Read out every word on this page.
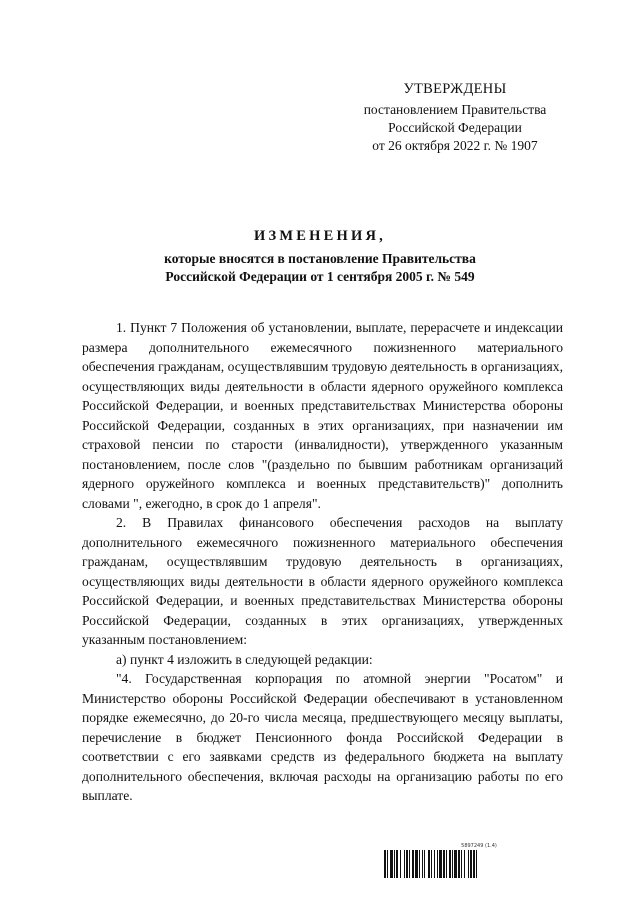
УТВЕРЖДЕНЫ
постановлением Правительства
Российской Федерации
от 26 октября 2022 г. № 1907
ИЗМЕНЕНИЯ,
которые вносятся в постановление Правительства
Российской Федерации от 1 сентября 2005 г. № 549

1. Пункт 7 Положения об установлении, выплате, перерасчете и индексации размера дополнительного ежемесячного пожизненного материального обеспечения гражданам, осуществлявшим трудовую деятельность в организациях, осуществляющих виды деятельности в области ядерного оружейного комплекса Российской Федерации, и военных представительствах Министерства обороны Российской Федерации, созданных в этих организациях, при назначении им страховой пенсии по старости (инвалидности), утвержденного указанным постановлением, после слов "(раздельно по бывшим работникам организаций ядерного оружейного комплекса и военных представительств)" дополнить словами ", ежегодно, в срок до 1 апреля".

2. В Правилах финансового обеспечения расходов на выплату дополнительного ежемесячного пожизненного материального обеспечения гражданам, осуществлявшим трудовую деятельность в организациях, осуществляющих виды деятельности в области ядерного оружейного комплекса Российской Федерации, и военных представительствах Министерства обороны Российской Федерации, созданных в этих организациях, утвержденных указанным постановлением:

а) пункт 4 изложить в следующей редакции:

"4. Государственная корпорация по атомной энергии "Росатом" и Министерство обороны Российской Федерации обеспечивают в установленном порядке ежемесячно, до 20-го числа месяца, предшествующего месяцу выплаты, перечисление в бюджет Пенсионного фонда Российской Федерации в соответствии с его заявками средств из федерального бюджета на выплату дополнительного обеспечения, включая расходы на организацию работы по его выплате.

5897249 (1.4)
